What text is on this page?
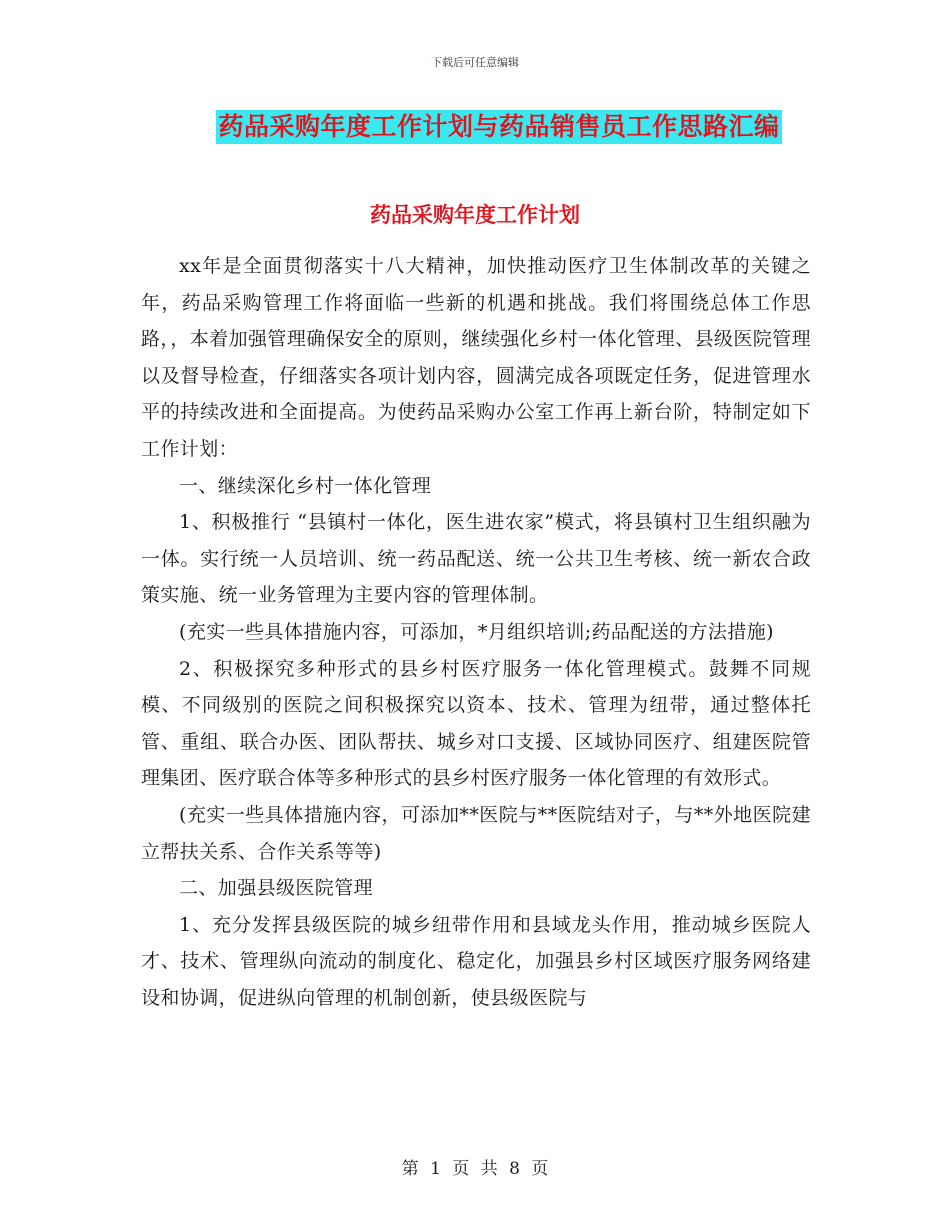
下载后可任意编辑
药品采购年度工作计划与药品销售员工作思路汇编
药品采购年度工作计划

xx年是全面贯彻落实十八大精神，加快推动医疗卫生体制改革的关键之年，药品采购管理工作将面临一些新的机遇和挑战。我们将围绕总体工作思路，，本着加强管理确保安全的原则，继续强化乡村一体化管理、县级医院管理以及督导检查，仔细落实各项计划内容，圆满完成各项既定任务，促进管理水平的持续改进和全面提高。为使药品采购办公室工作再上新台阶，特制定如下工作计划：

一、继续深化乡村一体化管理

1、积极推行 “县镇村一体化，医生进农家”模式，将县镇村卫生组织融为一体。实行统一人员培训、统一药品配送、统一公共卫生考核、统一新农合政策实施、统一业务管理为主要内容的管理体制。

(充实一些具体措施内容，可添加，*月组织培训;药品配送的方法措施)

2、积极探究多种形式的县乡村医疗服务一体化管理模式。鼓舞不同规模、不同级别的医院之间积极探究以资本、技术、管理为纽带，通过整体托管、重组、联合办医、团队帮扶、城乡对口支援、区域协同医疗、组建医院管理集团、医疗联合体等多种形式的县乡村医疗服务一体化管理的有效形式。

(充实一些具体措施内容，可添加**医院与**医院结对子，与**外地医院建立帮扶关系、合作关系等等)

二、加强县级医院管理

1、充分发挥县级医院的城乡纽带作用和县域龙头作用，推动城乡医院人才、技术、管理纵向流动的制度化、稳定化，加强县乡村区域医疗服务网络建设和协调，促进纵向管理的机制创新，使县级医院与

第 1 页 共 8 页
